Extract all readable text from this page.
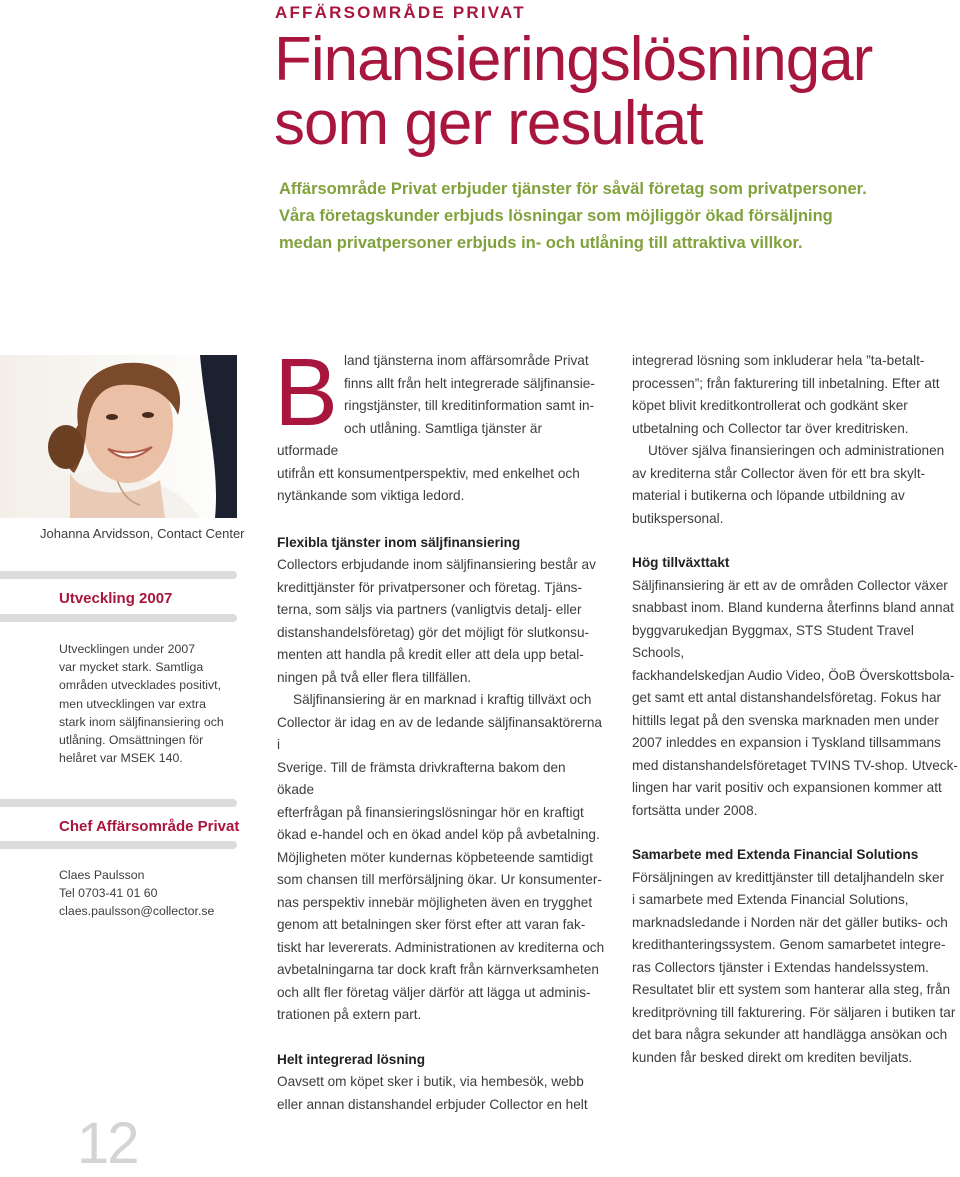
AFFÄRSOMRÅDE PRIVAT
Finansieringslösningar
som ger resultat
Affärsområde Privat erbjuder tjänster för såväl företag som privatpersoner.
Våra företagskunder erbjuds lösningar som möjliggör ökad försäljning
medan privatpersoner erbjuds in- och utlåning till attraktiva villkor.
Johanna Arvidsson, Contact Center
Utveckling 2007

Utvecklingen under 2007

var mycket stark. Samtliga

områden utvecklades positivt,

men utvecklingen var extra

stark inom säljfinansiering och

utlåning. Omsättningen för

helåret var MSEK 140.

Chef Affärsområde Privat

Claes Paulsson

Tel 0703-41 01 60

claes.paulsson@collector.se

B land tjänsterna inom affärsområde Privat
finns allt från helt integrerade säljfinansie-
ringstjänster, till kreditinformation samt in-
och utlåning. Samtliga tjänster är utformade
utifrån ett konsumentperspektiv, med enkelhet och
nytänkande som viktiga ledord.

Flexibla tjänster inom säljfinansiering

Collectors erbjudande inom säljfinansiering består av
kredittjänster för privatpersoner och företag. Tjäns-
terna, som säljs via partners (vanligtvis detalj- eller
distanshandelsföretag) gör det möjligt för slutkonsu-
menten att handla på kredit eller att dela upp betal-
ningen på två eller flera tillfällen.

Säljfinansiering är en marknad i kraftig tillväxt och
Collector är idag en av de ledande säljfinansaktörerna i
Sverige. Till de främsta drivkrafterna bakom den ökade
efterfrågan på finansieringslösningar hör en kraftigt
ökad e-handel och en ökad andel köp på avbetalning.
Möjligheten möter kundernas köpbeteende samtidigt
som chansen till merförsäljning ökar. Ur konsumenter-
nas perspektiv innebär möjligheten även en trygghet
genom att betalningen sker först efter att varan fak-
tiskt har levererats. Administrationen av krediterna och
avbetalningarna tar dock kraft från kärnverksamheten
och allt fler företag väljer därför att lägga ut adminis-
trationen på extern part.

Helt integrerad lösning

Oavsett om köpet sker i butik, via hembesök, webb
eller annan distanshandel erbjuder Collector en helt

integrerad lösning som inkluderar hela ”ta-betalt-
processen”; från fakturering till inbetalning. Efter att
köpet blivit kreditkontrollerat och godkänt sker
utbetalning och Collector tar över kreditrisken.

Utöver själva finansieringen och administrationen
av krediterna står Collector även för ett bra skylt-
material i butikerna och löpande utbildning av
butikspersonal.

Hög tillväxttakt

Säljfinansiering är ett av de områden Collector växer
snabbast inom. Bland kunderna återfinns bland annat
byggvarukedjan Byggmax, STS Student Travel Schools,
fackhandelskedjan Audio Video, ÖoB Överskottsbola-
get samt ett antal distanshandelsföretag. Fokus har
hittills legat på den svenska marknaden men under
2007 inleddes en expansion i Tyskland tillsammans
med distanshandelsföretaget TVINS TV-shop. Utveck-
lingen har varit positiv och expansionen kommer att
fortsätta under 2008.

Samarbete med Extenda Financial Solutions

Försäljningen av kredittjänster till detaljhandeln sker
i samarbete med Extenda Financial Solutions,
marknadsledande i Norden när det gäller butiks- och
kredithanteringssystem. Genom samarbetet integre-
ras Collectors tjänster i Extendas handelssystem.
Resultatet blir ett system som hanterar alla steg, från
kreditprövning till fakturering. För säljaren i butiken tar
det bara några sekunder att handlägga ansökan och
kunden får besked direkt om krediten beviljats.

12
